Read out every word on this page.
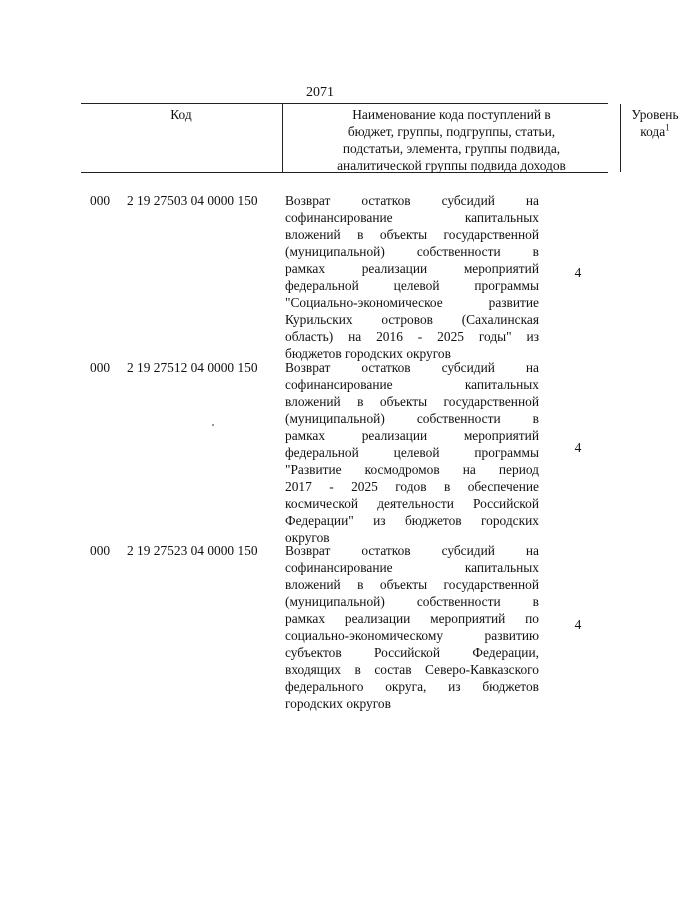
2071
Код	Наименование кода поступлений в
бюджет, группы, подгруппы, статьи,
подстатьи, элемента, группы подвида,
аналитической группы подвида доходов
Уровень
кода$^1$
000	2 19 27503 04 0000 150	Возврат остатков субсидий на
софинансирование капитальных
вложений в объекты государственной
(муниципальной) собственности в
рамках реализации мероприятий
федеральной целевой программы
"Социально-экономическое развитие
Курильских островов (Сахалинская
область) на 2016 - 2025 годы" из
бюджетов городских округов
4
000	2 19 27512 04 0000 150	Возврат остатков субсидий на
софинансирование капитальных
вложений в объекты государственной
(муниципальной) собственности в
рамках реализации мероприятий
федеральной целевой программы
"Развитие космодромов на период
2017 - 2025 годов в обеспечение
космической деятельности Российской
Федерации" из бюджетов городских
округов
4
000	2 19 27523 04 0000 150	Возврат остатков субсидий на
софинансирование капитальных
вложений в объекты государственной
(муниципальной) собственности в
рамках реализации мероприятий по
социально-экономическому развитию
субъектов Российской Федерации,
входящих в состав Северо-Кавказского
федерального округа, из бюджетов
городских округов
4
